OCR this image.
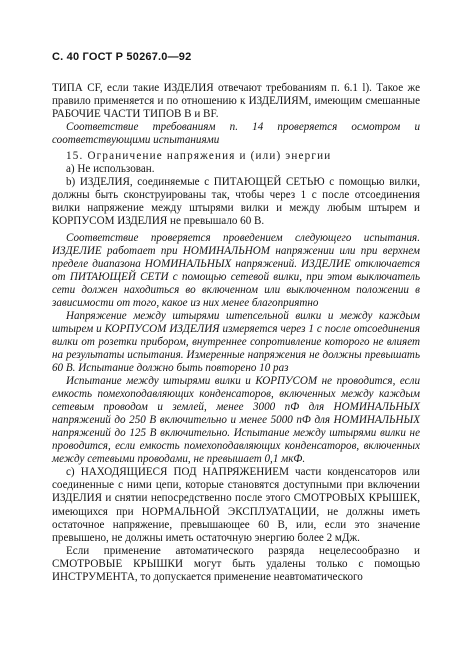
С. 40 ГОСТ Р 50267.0—92

ТИПА CF, если такие ИЗДЕЛИЯ отвечают требованиям п. 6.1 l). Такое же правило применяется и по отношению к ИЗДЕЛИЯМ, имеющим смешанные РАБОЧИЕ ЧАСТИ ТИПОВ В и BF.

Соответствие требованиям п. 14 проверяется осмотром и соответствующими испытаниями

15. Ограничение напряжения и (или) энергии

а) Не использован.

b) ИЗДЕЛИЯ, соединяемые с ПИТАЮЩЕЙ СЕТЬЮ с помощью вилки, должны быть сконструированы так, чтобы через 1 с после отсоединения вилки напряжение между штырями вилки и между любым штырем и КОРПУСОМ ИЗДЕЛИЯ не превышало 60 В.

Соответствие проверяется проведением следующего испытания. ИЗДЕЛИЕ работает при НОМИНАЛЬНОМ напряжении или при верхнем пределе диапазона НОМИНАЛЬНЫХ напряжений. ИЗДЕЛИЕ отключается от ПИТАЮЩЕЙ СЕТИ с помощью сетевой вилки, при этом выключатель сети должен находиться во включенном или выключенном положении в зависимости от того, какое из них менее благоприятно

Напряжение между штырями штепсельной вилки и между каждым штырем и КОРПУСОМ ИЗДЕЛИЯ измеряется через 1 с после отсоединения вилки от розетки прибором, внутреннее сопротивление которого не влияет на результаты испытания. Измеренные напряжения не должны превышать 60 В. Испытание должно быть повторено 10 раз

Испытание между штырями вилки и КОРПУСОМ не проводится, если емкость помехоподавляющих конденсаторов, включенных между каждым сетевым проводом и землей, менее 3000 пФ для НОМИНАЛЬНЫХ напряжений до 250 В включительно и менее 5000 пФ для НОМИНАЛЬНЫХ напряжений до 125 В включительно. Испытание между штырями вилки не проводится, если емкость помехоподавляющих конденсаторов, включенных между сетевыми проводами, не превышает 0,1 мкФ.

с) НАХОДЯЩИЕСЯ ПОД НАПРЯЖЕНИЕМ части конденсаторов или соединенные с ними цепи, которые становятся доступными при включении ИЗДЕЛИЯ и снятии непосредственно после этого СМОТРОВЫХ КРЫШЕК, имеющихся при НОРМАЛЬНОЙ ЭКСПЛУАТАЦИИ, не должны иметь остаточное напряжение, превышающее 60 В, или, если это значение превышено, не должны иметь остаточную энергию более 2 мДж.

Если применение автоматического разряда нецелесообразно и СМОТРОВЫЕ КРЫШКИ могут быть удалены только с помощью ИНСТРУМЕНТА, то допускается применение неавтоматического
